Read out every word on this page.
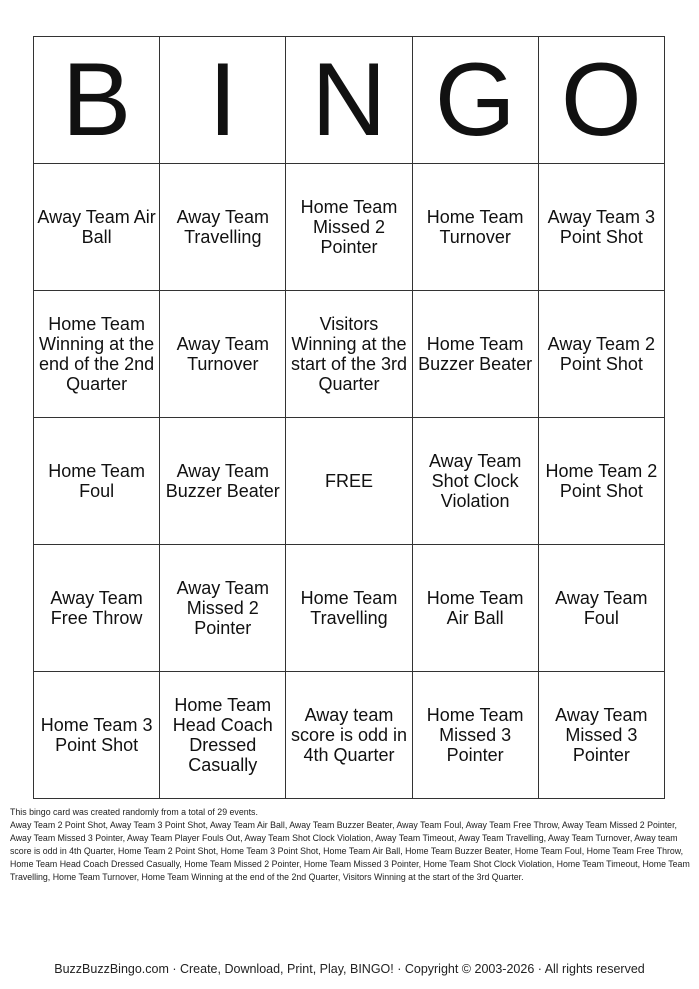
B	I	N	G	O
Away Team Air Ball	Away Team Travelling	Home Team Missed 2 Pointer	Home Team Turnover	Away Team 3 Point Shot
Home Team Winning at the end of the 2nd Quarter	Away Team Turnover	Visitors Winning at the start of the 3rd Quarter	Home Team Buzzer Beater	Away Team 2 Point Shot
Home Team Foul	Away Team Buzzer Beater	FREE	Away Team Shot Clock Violation	Home Team 2 Point Shot
Away Team Free Throw	Away Team Missed 2 Pointer	Home Team Travelling	Home Team Air Ball	Away Team Foul
Home Team 3 Point Shot	Home Team Head Coach Dressed Casually	Away team score is odd in 4th Quarter	Home Team Missed 3 Pointer	Away Team Missed 3 Pointer
This bingo card was created randomly from a total of 29 events.
Away Team 2 Point Shot, Away Team 3 Point Shot, Away Team Air Ball, Away Team Buzzer Beater, Away Team Foul, Away Team Free Throw, Away Team Missed 2 Pointer, Away Team Missed 3 Pointer, Away Team Player Fouls Out, Away Team Shot Clock Violation, Away Team Timeout, Away Team Travelling, Away Team Turnover, Away team score is odd in 4th Quarter, Home Team 2 Point Shot, Home Team 3 Point Shot, Home Team Air Ball, Home Team Buzzer Beater, Home Team Foul, Home Team Free Throw, Home Team Head Coach Dressed Casually, Home Team Missed 2 Pointer, Home Team Missed 3 Pointer, Home Team Shot Clock Violation, Home Team Timeout, Home Team Travelling, Home Team Turnover, Home Team Winning at the end of the 2nd Quarter, Visitors Winning at the start of the 3rd Quarter.
BuzzBuzzBingo.com · Create, Download, Print, Play, BINGO! · Copyright © 2003-2026 · All rights reserved
